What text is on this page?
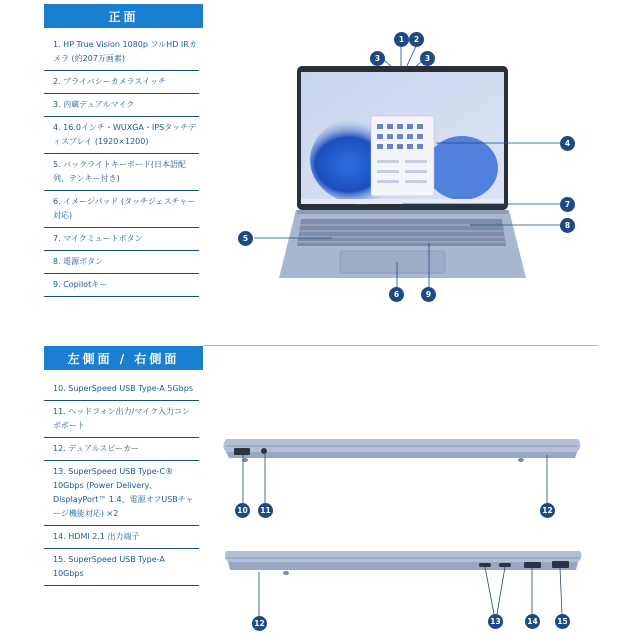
正面
1. HP True Vision 1080p フルHD IRカメラ (約207万画素)
2. プライバシーカメラスイッチ
3. 内蔵デュアルマイク
4. 16.0インチ・WUXGA・IPSタッチディスプレイ (1920×1200)
5. バックライトキーボード(日本語配列、テンキー付き)
6. イメージパッド (タッチジェスチャー対応)
7. マイクミュートボタン
8. 電源ボタン
9. Copilotキー
1	2
3	3
4
5
6
7
8
9
左側面 / 右側面
10. SuperSpeed USB Type-A 5Gbps
11. ヘッドフォン出力/マイク入力コンボポート
12. デュアルスピーカー
13. SuperSpeed USB Type-C® 10Gbps (Power Delivery、DisplayPort™ 1.4、電源オフUSBチャージ機能対応) ×2
14. HDMI 2.1 出力端子
15. SuperSpeed USB Type-A 10Gbps
10	11	12
12	13	14	15
